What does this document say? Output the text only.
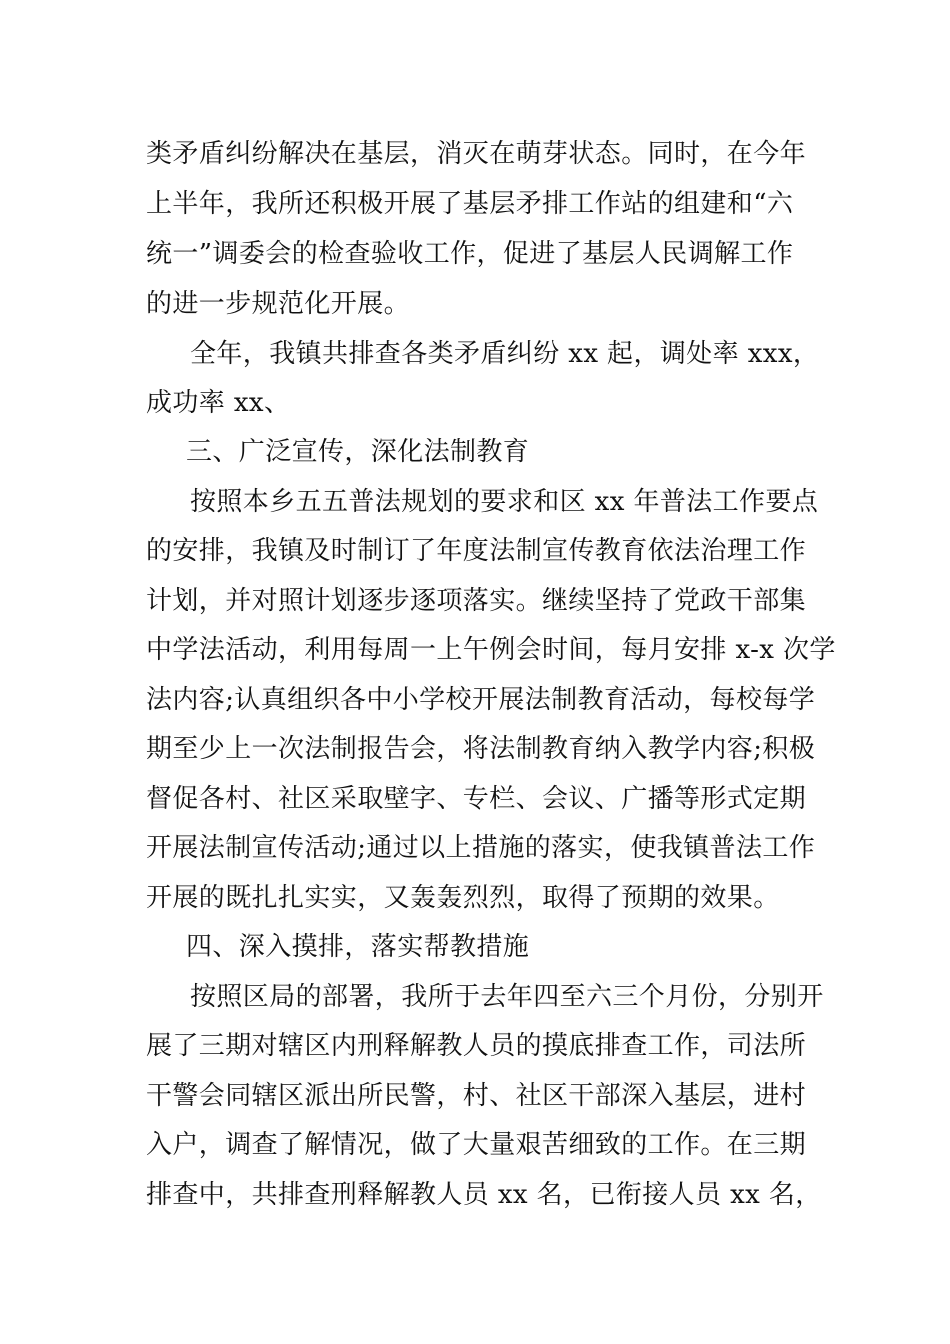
类矛盾纠纷解决在基层，消灭在萌芽状态。同时，在今年
上半年，我所还积极开展了基层矛排工作站的组建和“六
统一”调委会的检查验收工作，促进了基层人民调解工作
的进一步规范化开展。
全年，我镇共排查各类矛盾纠纷 xx 起，调处率 xxx，
成功率 xx、
三、广泛宣传，深化法制教育
按照本乡五五普法规划的要求和区 xx 年普法工作要点
的安排，我镇及时制订了年度法制宣传教育依法治理工作
计划，并对照计划逐步逐项落实。继续坚持了党政干部集
中学法活动，利用每周一上午例会时间，每月安排 x-x 次学
法内容;认真组织各中小学校开展法制教育活动，每校每学
期至少上一次法制报告会，将法制教育纳入教学内容;积极
督促各村、社区采取壁字、专栏、会议、广播等形式定期
开展法制宣传活动;通过以上措施的落实，使我镇普法工作
开展的既扎扎实实，又轰轰烈烈，取得了预期的效果。
四、深入摸排，落实帮教措施
按照区局的部署，我所于去年四至六三个月份，分别开
展了三期对辖区内刑释解教人员的摸底排查工作，司法所
干警会同辖区派出所民警，村、社区干部深入基层，进村
入户，调查了解情况，做了大量艰苦细致的工作。在三期
排查中，共排查刑释解教人员 xx 名，已衔接人员 xx 名，
